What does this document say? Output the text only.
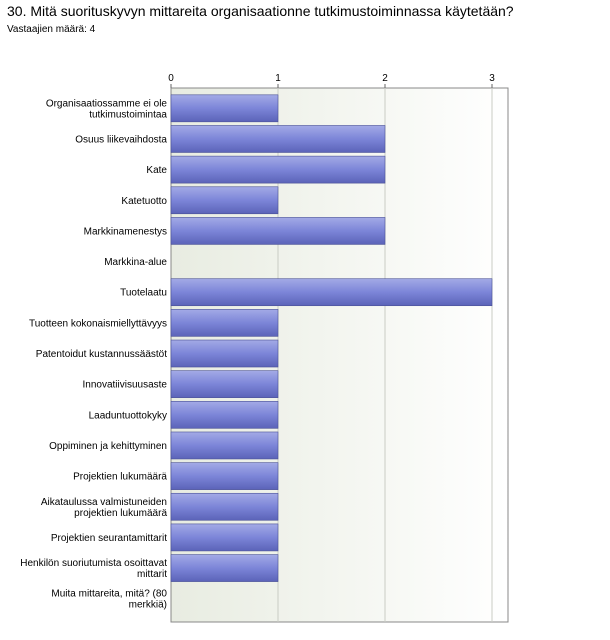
30. Mitä suorituskyvyn mittareita organisaationne tutkimustoiminnassa käytetään?
Vastaajien määrä: 4
0	1	2	3
Organisaatiossamme ei ole tutkimustoimintaa
Osuus liikevaihdosta
Kate
Katetuotto
Markkinamenestys
Markkina-alue
Tuotelaatu
Tuotteen kokonaismiellyttävyys
Patentoidut kustannussäästöt
Innovatiivisuusaste
Laaduntuottokyky
Oppiminen ja kehittyminen
Projektien lukumäärä
Aikataulussa valmistuneiden projektien lukumäärä
Projektien seurantamittarit
Henkilön suoriutumista osoittavat mittarit
Muita mittareita, mitä? (80 merkkiä)
